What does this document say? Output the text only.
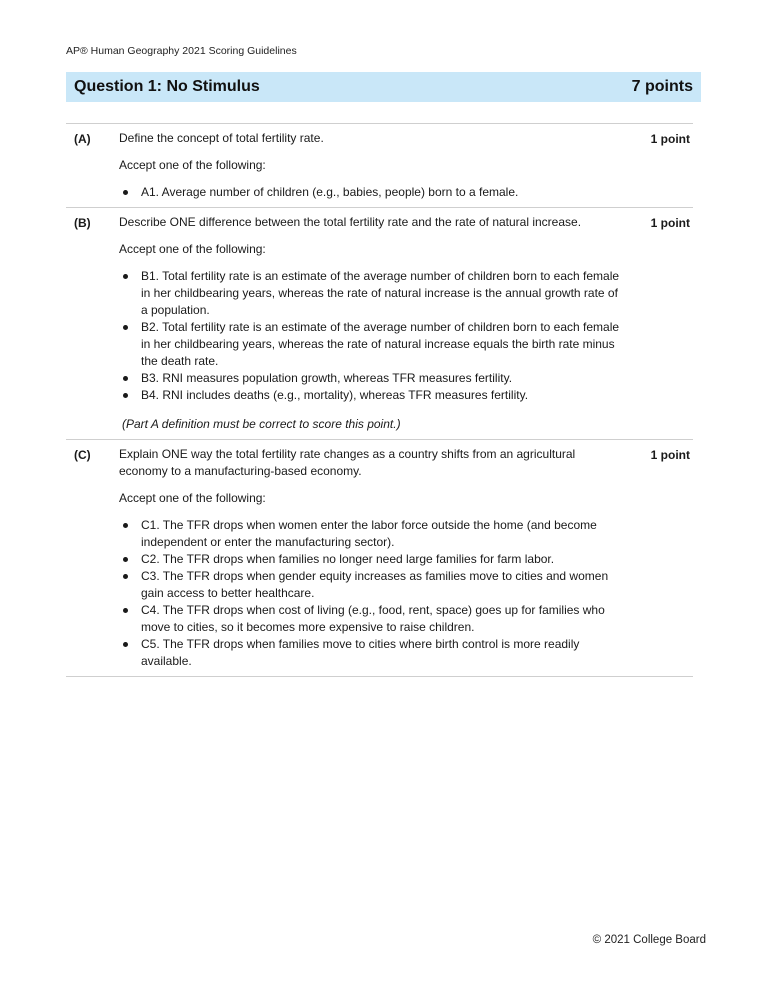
AP® Human Geography 2021 Scoring Guidelines
Question 1: No Stimulus	7 points
(A)	1 point

Define the concept of total fertility rate.

Accept one of the following:

A1. Average number of children (e.g., babies, people) born to a female.
(B)	1 point

Describe ONE difference between the total fertility rate and the rate of natural increase.

Accept one of the following:

B1. Total fertility rate is an estimate of the average number of children born to each female in her childbearing years, whereas the rate of natural increase is the annual growth rate of a population.
B2. Total fertility rate is an estimate of the average number of children born to each female in her childbearing years, whereas the rate of natural increase equals the birth rate minus the death rate.
B3. RNI measures population growth, whereas TFR measures fertility.
B4. RNI includes deaths (e.g., mortality), whereas TFR measures fertility.

(Part A definition must be correct to score this point.)

(C)	1 point

Explain ONE way the total fertility rate changes as a country shifts from an agricultural economy to a manufacturing-based economy.

Accept one of the following:

C1. The TFR drops when women enter the labor force outside the home (and become independent or enter the manufacturing sector).
C2. The TFR drops when families no longer need large families for farm labor.
C3. The TFR drops when gender equity increases as families move to cities and women gain access to better healthcare.
C4. The TFR drops when cost of living (e.g., food, rent, space) goes up for families who move to cities, so it becomes more expensive to raise children.
C5. The TFR drops when families move to cities where birth control is more readily available.
© 2021 College Board
